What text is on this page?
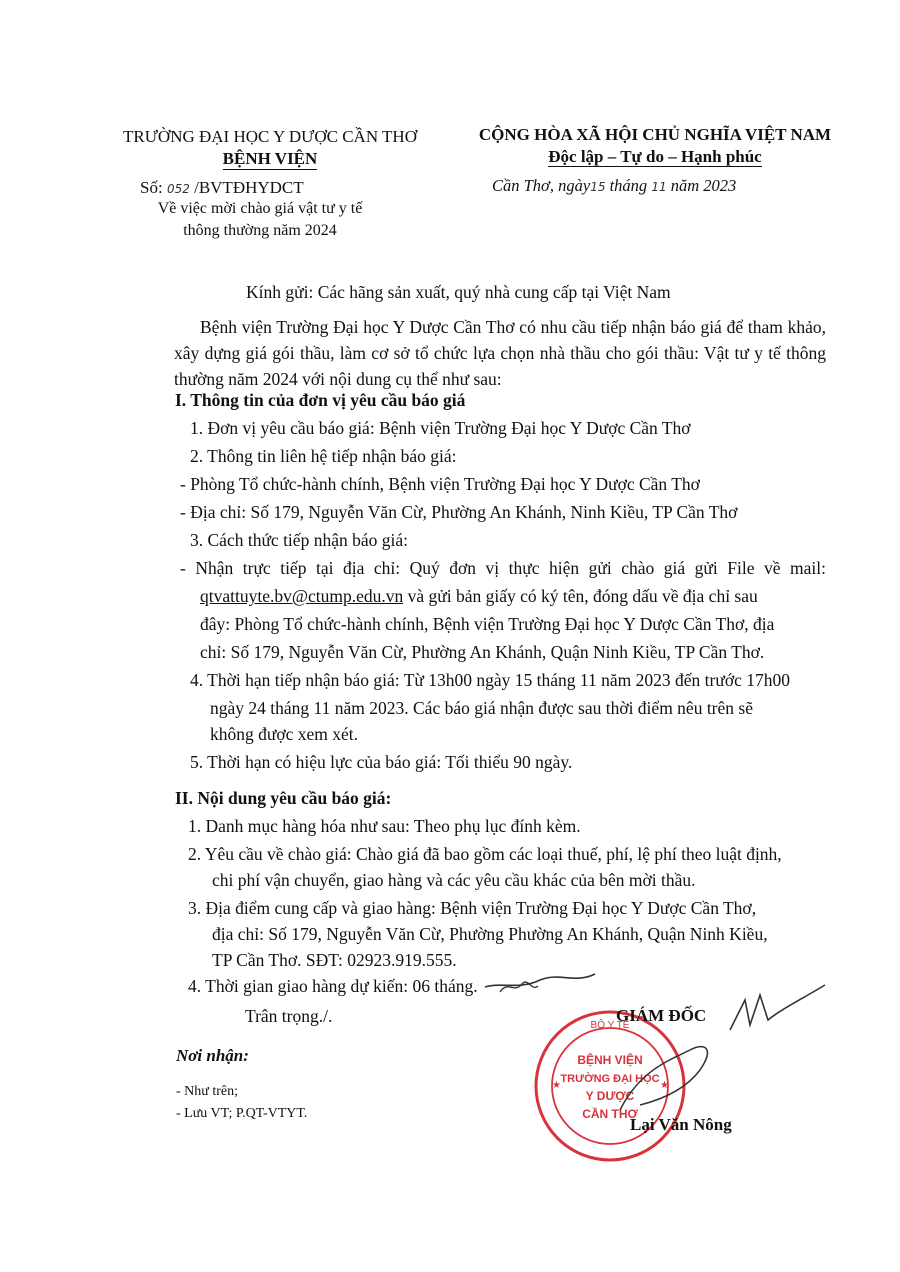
TRƯỜNG ĐẠI HỌC Y DƯỢC CẦN THƠ
BỆNH VIỆN
Số: 052 /BVTĐHYDCT
Về việc mời chào giá vật tư y tế
thông thường năm 2024
CỘNG HÒA XÃ HỘI CHỦ NGHĨA VIỆT NAM
Độc lập – Tự do – Hạnh phúc
Cần Thơ, ngày15 tháng 11 năm 2023
Kính gửi: Các hãng sản xuất, quý nhà cung cấp tại Việt Nam
Bệnh viện Trường Đại học Y Dược Cần Thơ có nhu cầu tiếp nhận báo giá để tham khảo, xây dựng giá gói thầu, làm cơ sở tổ chức lựa chọn nhà thầu cho gói thầu: Vật tư y tế thông thường năm 2024 với nội dung cụ thể như sau:
I. Thông tin của đơn vị yêu cầu báo giá
1. Đơn vị yêu cầu báo giá: Bệnh viện Trường Đại học Y Dược Cần Thơ
2. Thông tin liên hệ tiếp nhận báo giá:
- Phòng Tổ chức-hành chính, Bệnh viện Trường Đại học Y Dược Cần Thơ
- Địa chỉ: Số 179, Nguyễn Văn Cừ, Phường An Khánh, Ninh Kiều, TP Cần Thơ
3. Cách thức tiếp nhận báo giá:
- Nhận trực tiếp tại địa chỉ: Quý đơn vị thực hiện gửi chào giá gửi File về mail:
qtvattuyte.bv@ctump.edu.vn và gửi bản giấy có ký tên, đóng dấu về địa chỉ sau
đây: Phòng Tổ chức-hành chính, Bệnh viện Trường Đại học Y Dược Cần Thơ, địa
chỉ: Số 179, Nguyễn Văn Cừ, Phường An Khánh, Quận Ninh Kiều, TP Cần Thơ.
4. Thời hạn tiếp nhận báo giá: Từ 13h00 ngày 15 tháng 11 năm 2023 đến trước 17h00
ngày 24 tháng 11 năm 2023. Các báo giá nhận được sau thời điểm nêu trên sẽ
không được xem xét.
5. Thời hạn có hiệu lực của báo giá: Tối thiểu 90 ngày.
II. Nội dung yêu cầu báo giá:
1. Danh mục hàng hóa như sau: Theo phụ lục đính kèm.
2. Yêu cầu về chào giá: Chào giá đã bao gồm các loại thuế, phí, lệ phí theo luật định,
chi phí vận chuyển, giao hàng và các yêu cầu khác của bên mời thầu.
3. Địa điểm cung cấp và giao hàng: Bệnh viện Trường Đại học Y Dược Cần Thơ,
địa chỉ: Số 179, Nguyễn Văn Cừ, Phường Phường An Khánh, Quận Ninh Kiều,
TP Cần Thơ. SĐT: 02923.919.555.
4. Thời gian giao hàng dự kiến: 06 tháng.
Trân trọng./.
Nơi nhận:
- Như trên;
- Lưu VT; P.QT-VTYT.
BỘ Y TẾ
BỆNH VIỆN
TRƯỜNG ĐẠI HỌC
Y DƯỢC
CẦN THƠ
★	★
GIÁM ĐỐC
Lại Văn Nông
